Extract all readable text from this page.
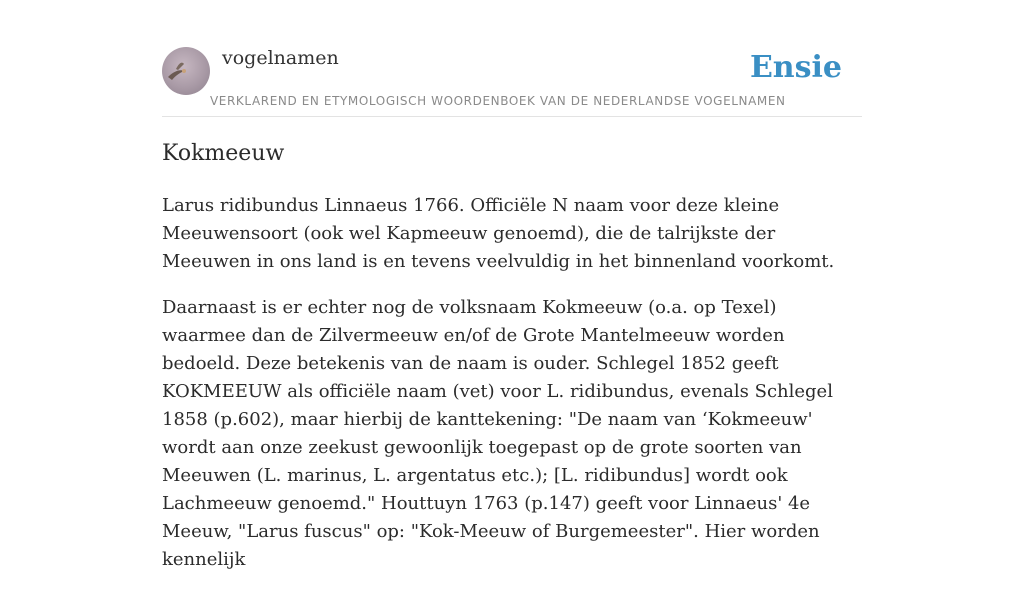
vogelnamen
VERKLAREND EN ETYMOLOGISCH WOORDENBOEK VAN DE NEDERLANDSE VOGELNAMEN
Ensie
Kokmeeuw

Larus ridibundus Linnaeus 1766. Officiële N naam voor deze kleine Meeuwensoort (ook wel Kapmeeuw genoemd), die de talrijkste der Meeuwen in ons land is en tevens veelvuldig in het binnenland voorkomt.

Daarnaast is er echter nog de volksnaam Kokmeeuw (o.a. op Texel) waarmee dan de Zilvermeeuw en/of de Grote Mantelmeeuw worden bedoeld. Deze betekenis van de naam is ouder. Schlegel 1852 geeft KOKMEEUW als officiële naam (vet) voor L. ridibundus, evenals Schlegel 1858 (p.602), maar hierbij de kanttekening: "De naam van ‘Kokmeeuw' wordt aan onze zeekust gewoonlijk toegepast op de grote soorten van Meeuwen (L. marinus, L. argentatus etc.); [L. ridibundus] wordt ook Lachmeeuw genoemd." Houttuyn 1763 (p.147) geeft voor Linnaeus' 4e Meeuw, "Larus fuscus" op: "Kok-Meeuw of Burgemeester". Hier worden kennelijk
